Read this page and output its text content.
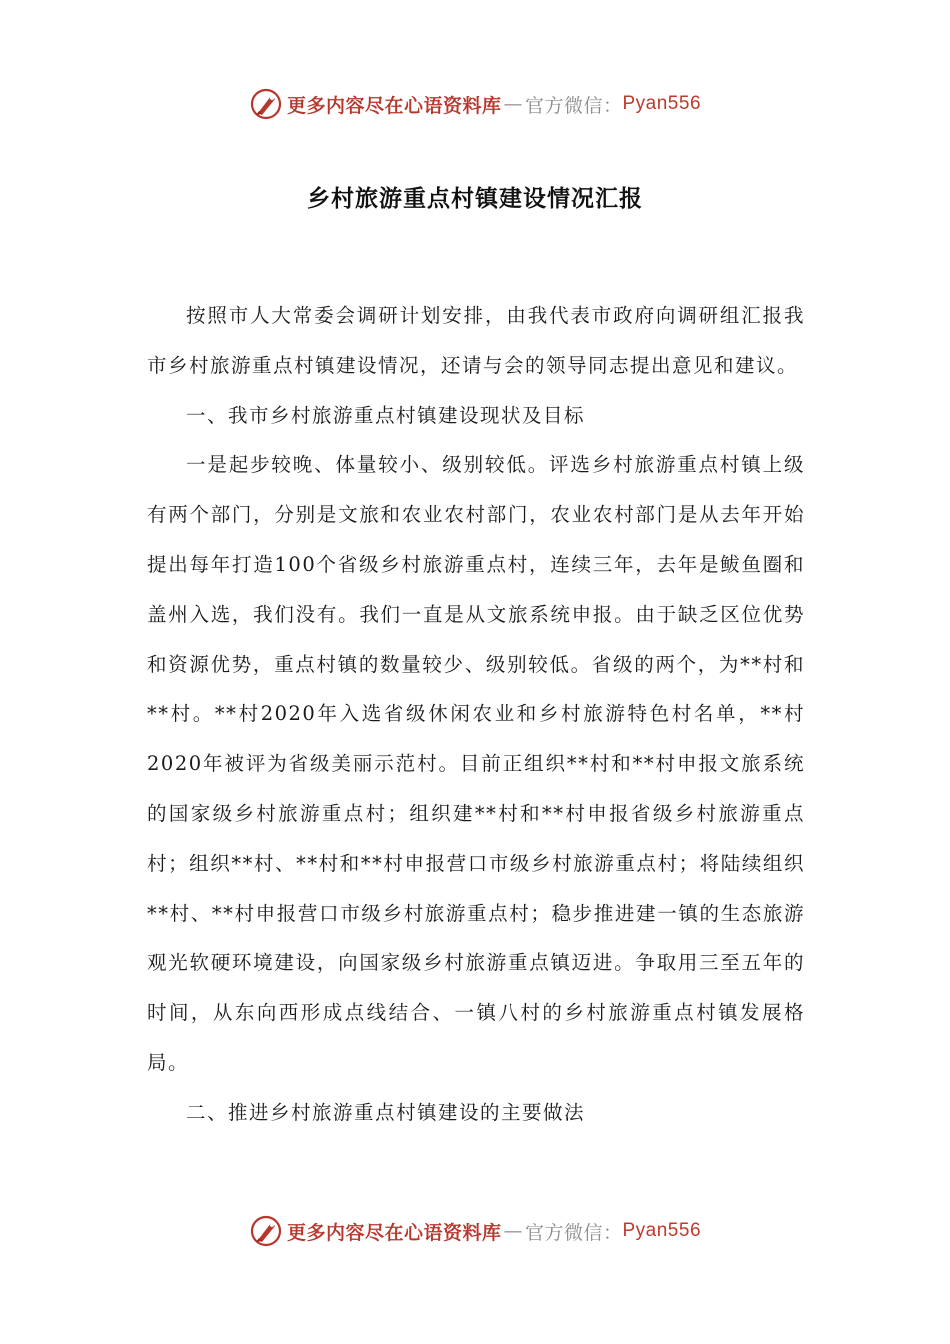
更多内容尽在心语资料库 — 官方微信： Pyan556
乡村旅游重点村镇建设情况汇报

按照市人大常委会调研计划安排，由我代表市政府向调研组汇报我市乡村旅游重点村镇建设情况，还请与会的领导同志提出意见和建议。

一、我市乡村旅游重点村镇建设现状及目标

一是起步较晚、体量较小、级别较低。评选乡村旅游重点村镇上级有两个部门，分别是文旅和农业农村部门，农业农村部门是从去年开始提出每年打造100个省级乡村旅游重点村，连续三年，去年是鲅鱼圈和盖州入选，我们没有。我们一直是从文旅系统申报。由于缺乏区位优势和资源优势，重点村镇的数量较少、级别较低。省级的两个，为**村和**村。**村2020年入选省级休闲农业和乡村旅游特色村名单，**村2020年被评为省级美丽示范村。目前正组织**村和**村申报文旅系统的国家级乡村旅游重点村；组织建**村和**村申报省级乡村旅游重点村；组织**村、**村和**村申报营口市级乡村旅游重点村；将陆续组织**村、**村申报营口市级乡村旅游重点村；稳步推进建一镇的生态旅游观光软硬环境建设，向国家级乡村旅游重点镇迈进。争取用三至五年的时间，从东向西形成点线结合、一镇八村的乡村旅游重点村镇发展格局。

二、推进乡村旅游重点村镇建设的主要做法

更多内容尽在心语资料库 — 官方微信： Pyan556
